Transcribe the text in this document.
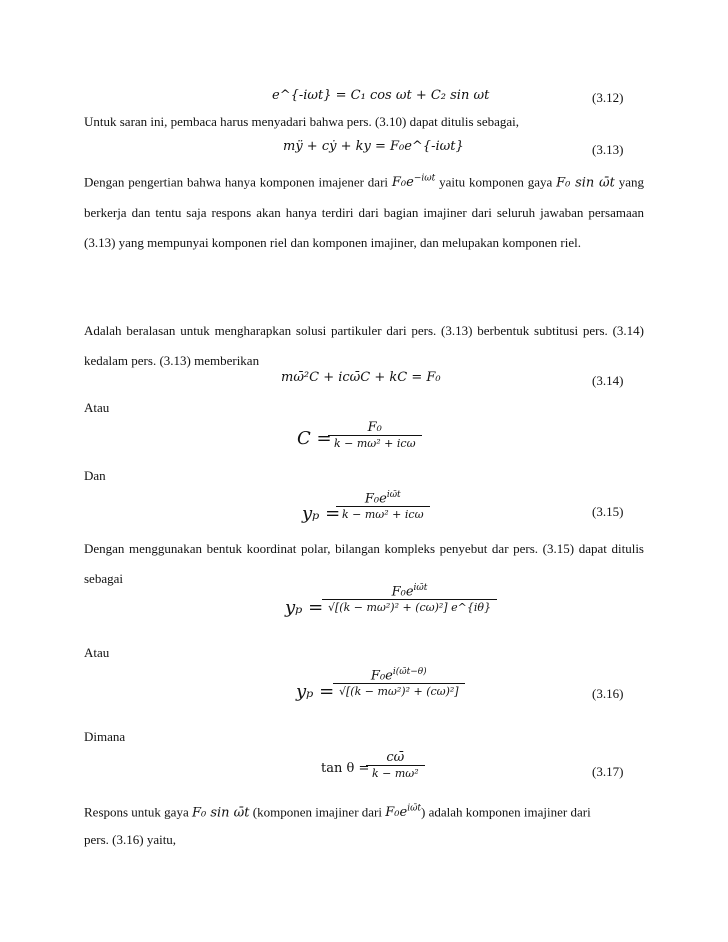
e^{-iωt} = C₁ cos ωt + C₂ sin ωt	(3.12)
Untuk saran ini, pembaca harus menyadari bahwa pers. (3.10) dapat ditulis sebagai,
mÿ + cẏ + ky = F₀e^{-iωt}	(3.13)
Dengan pengertian bahwa hanya komponen imajener dari $F_0e^{-i\omega t}$ yaitu komponen gaya F₀ sin ω̄t yang berkerja dan tentu saja respons akan hanya terdiri dari bagian imajiner dari seluruh jawaban persamaan (3.13) yang mempunyai komponen riel dan komponen imajiner, dan melupakan komponen riel.
Adalah beralasan untuk mengharapkan solusi partikuler dari pers. (3.13) berbentuk subtitusi pers. (3.14) kedalam pers. (3.13) memberikan
mω̄²C + icω̄C + kC = F₀	(3.14)
Atau
C =
F₀
k − mω² + icω
Dan
yₚ =
$F_0e^{i\omegāt}$
k − mω² + icω	(3.15)
Dengan menggunakan bentuk koordinat polar, bilangan kompleks penyebut dar pers. (3.15) dapat ditulis sebagai
yₚ =
$F_0e^{i\omegāt}$
√[(k − mω²)² + (cω)²] e^{iθ}
Atau
yₚ =
$F_0e^{i(\omegāt-\theta)}$
√[(k − mω²)² + (cω)²]	(3.16)
Dimana
tan θ =
cω̄
k − mω²	(3.17)
Respons untuk gaya F₀ sin ω̄t (komponen imajiner dari $F_0e^{i\omegāt}$) adalah komponen imajiner dari
pers. (3.16) yaitu,
